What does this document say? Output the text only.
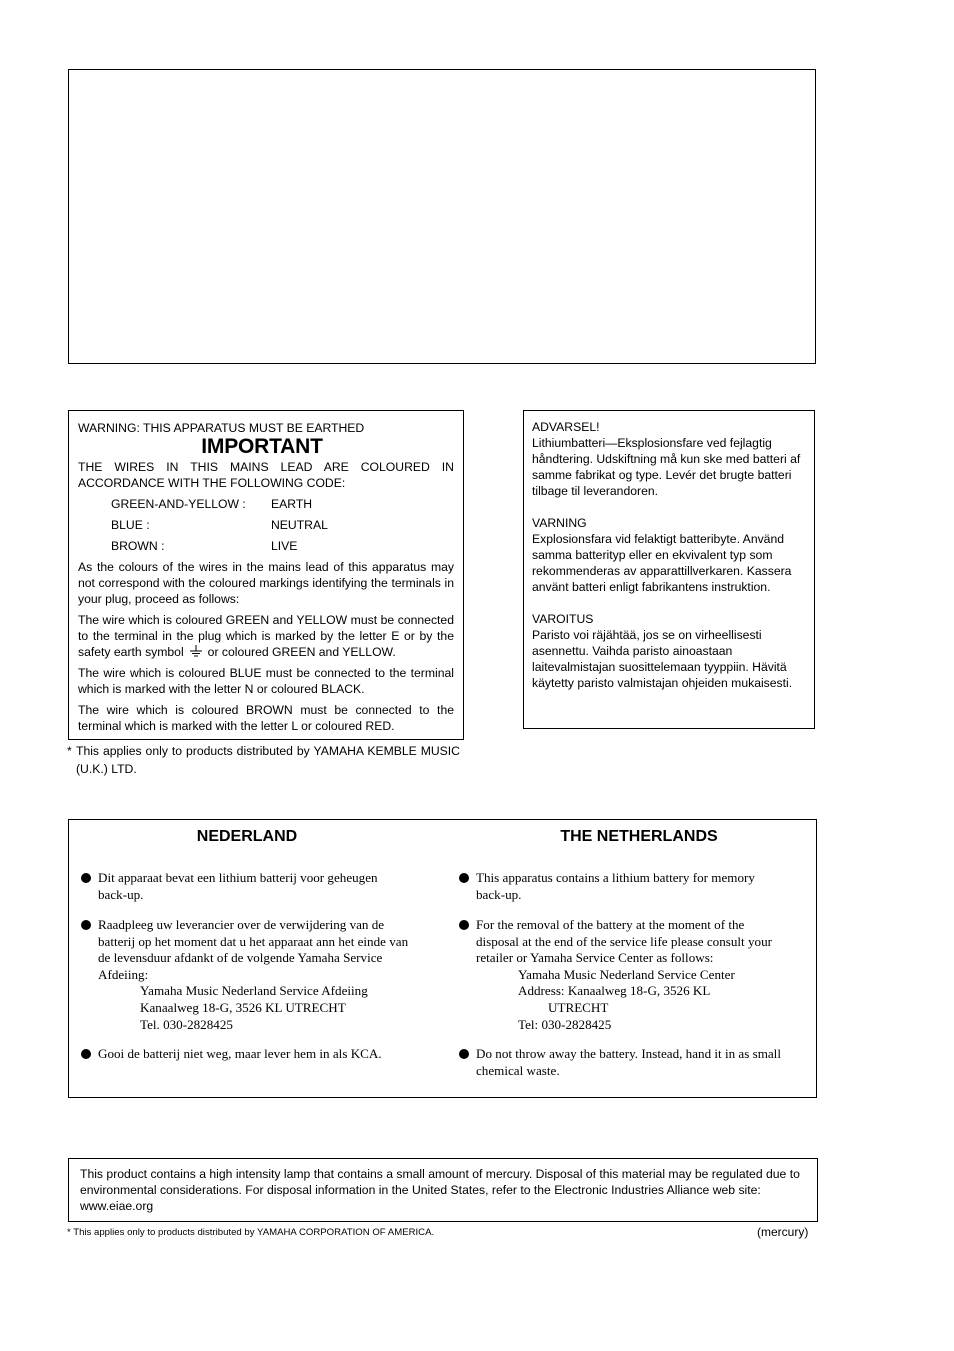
WARNING: THIS APPARATUS MUST BE EARTHED
IMPORTANT

THE WIRES IN THIS MAINS LEAD ARE COLOURED IN ACCORDANCE WITH THE FOLLOWING CODE:

GREEN-AND-YELLOW :	EARTH
BLUE :	NEUTRAL
BROWN :	LIVE

As the colours of the wires in the mains lead of this apparatus may not correspond with the coloured markings identifying the terminals in your plug, proceed as follows:

The wire which is coloured GREEN and YELLOW must be connected to the terminal in the plug which is marked by the letter E or by the safety earth symbol or coloured GREEN and YELLOW.

The wire which is coloured BLUE must be connected to the terminal which is marked with the letter N or coloured BLACK.

The wire which is coloured BROWN must be connected to the terminal which is marked with the letter L or coloured RED.

* This applies only to products distributed by YAMAHA KEMBLE MUSIC (U.K.) LTD.
ADVARSEL!
Lithiumbatteri—Eksplosionsfare ved fejlagtig håndtering. Udskiftning må kun ske med batteri af samme fabrikat og type. Levér det brugte batteri tilbage til leverandoren.
VARNING
Explosionsfara vid felaktigt batteribyte. Använd samma batterityp eller en ekvivalent typ som rekommenderas av apparattillverkaren. Kassera använt batteri enligt fabrikantens instruktion.
VAROITUS
Paristo voi räjähtää, jos se on virheellisesti asennettu. Vaihda paristo ainoastaan laitevalmistajan suosittelemaan tyyppiin. Hävitä käytetty paristo valmistajan ohjeiden mukaisesti.
NEDERLAND
Dit apparaat bevat een lithium batterij voor geheugen back-up.
Raadpleeg uw leverancier over de verwijdering van de batterij op het moment dat u het apparaat ann het einde van de levensduur afdankt of de volgende Yamaha Service Afdeiing:
Yamaha Music Nederland Service Afdeiing
Kanaalweg 18-G, 3526 KL UTRECHT
Tel. 030-2828425
Gooi de batterij niet weg, maar lever hem in als KCA.
THE NETHERLANDS
This apparatus contains a lithium battery for memory back-up.
For the removal of the battery at the moment of the disposal at the end of the service life please consult your retailer or Yamaha Service Center as follows:
Yamaha Music Nederland Service Center
Address: Kanaalweg 18-G, 3526 KL
UTRECHT
Tel: 030-2828425
Do not throw away the battery. Instead, hand it in as small chemical waste.
This product contains a high intensity lamp that contains a small amount of mercury. Disposal of this material may be regulated due to environmental considerations. For disposal information in the United States, refer to the Electronic Industries Alliance web site: www.eiae.org
* This applies only to products distributed by YAMAHA CORPORATION OF AMERICA.	(mercury)
